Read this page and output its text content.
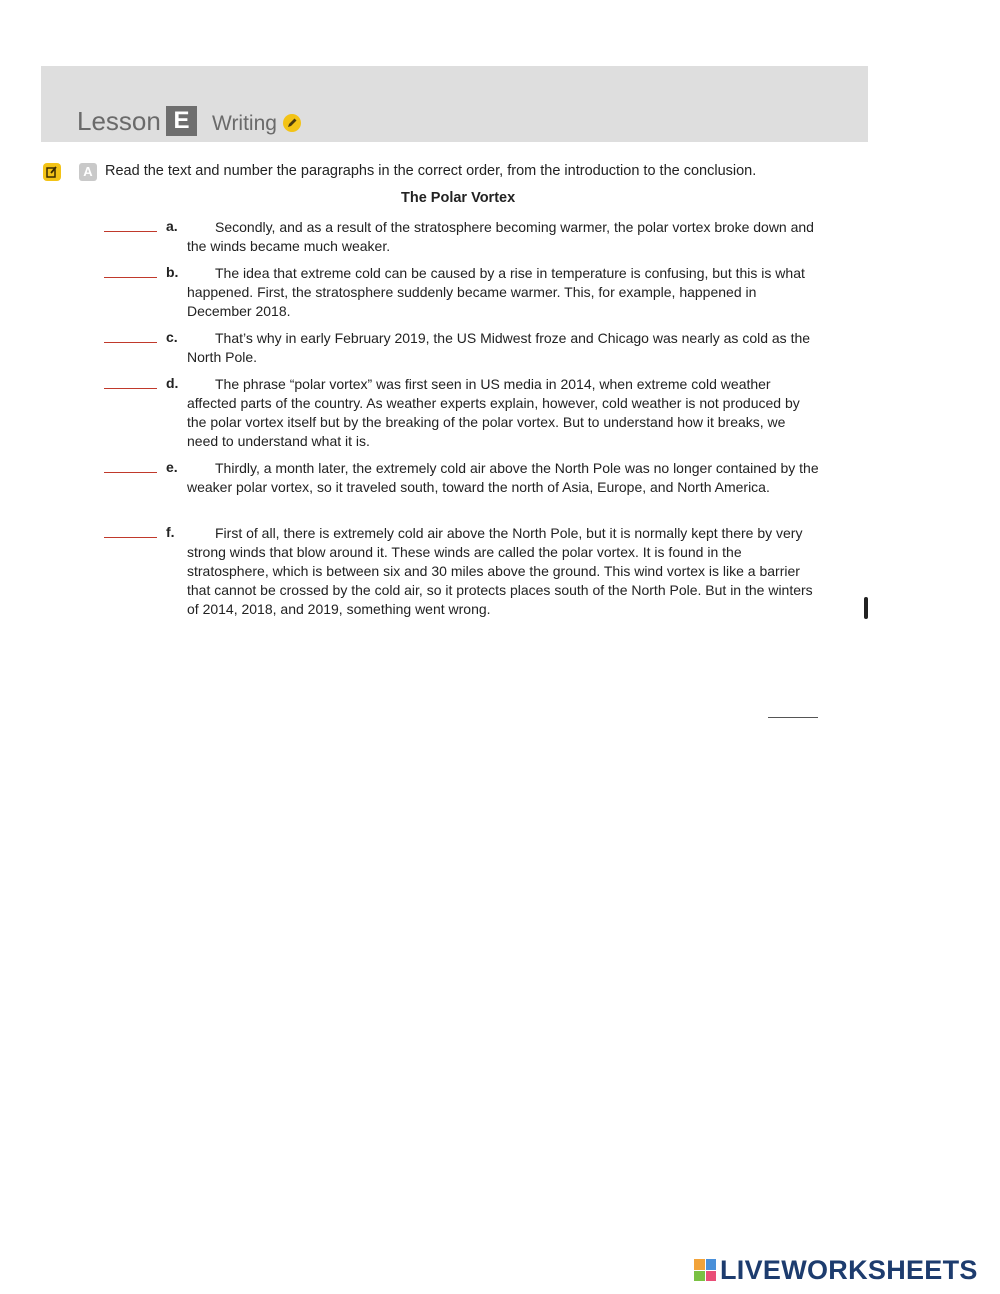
Lesson E	Writing
A Read the text and number the paragraphs in the correct order, from the introduction to the conclusion.
The Polar Vortex
a.	Secondly, and as a result of the stratosphere becoming warmer, the polar vortex broke down and the winds became much weaker.
b.	The idea that extreme cold can be caused by a rise in temperature is confusing, but this is what happened. First, the stratosphere suddenly became warmer. This, for example, happened in December 2018.
c.	That’s why in early February 2019, the US Midwest froze and Chicago was nearly as cold as the North Pole.
d.	The phrase “polar vortex” was first seen in US media in 2014, when extreme cold weather affected parts of the country. As weather experts explain, however, cold weather is not produced by the polar vortex itself but by the breaking of the polar vortex. But to understand how it breaks, we need to understand what it is.
e.	Thirdly, a month later, the extremely cold air above the North Pole was no longer contained by the weaker polar vortex, so it traveled south, toward the north of Asia, Europe, and North America.
f.	First of all, there is extremely cold air above the North Pole, but it is normally kept there by very strong winds that blow around it. These winds are called the polar vortex. It is found in the stratosphere, which is between six and 30 miles above the ground. This wind vortex is like a barrier that cannot be crossed by the cold air, so it protects places south of the North Pole. But in the winters of 2014, 2018, and 2019, something went wrong.
LIVEWORKSHEETS
